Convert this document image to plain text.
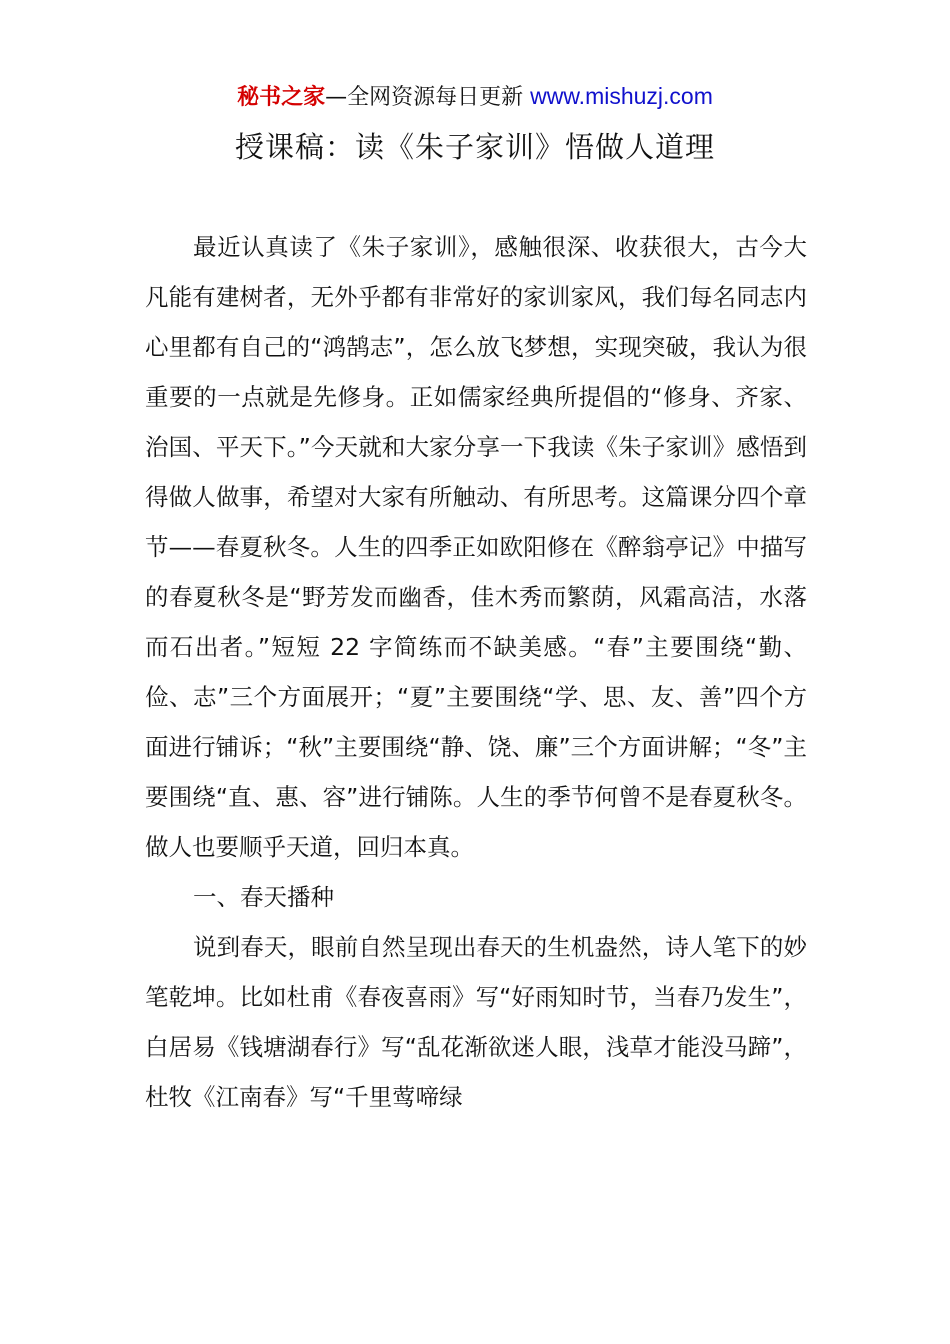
秘书之家—全网资源每日更新 www.mishuzj.com
授课稿：读《朱子家训》悟做人道理

最近认真读了《朱子家训》，感触很深、收获很大，古今大凡能有建树者，无外乎都有非常好的家训家风，我们每名同志内心里都有自己的“鸿鹄志”，怎么放飞梦想，实现突破，我认为很重要的一点就是先修身。正如儒家经典所提倡的“修身、齐家、治国、平天下。”今天就和大家分享一下我读《朱子家训》感悟到得做人做事，希望对大家有所触动、有所思考。这篇课分四个章节——春夏秋冬。人生的四季正如欧阳修在《醉翁亭记》中描写的春夏秋冬是“野芳发而幽香，佳木秀而繁荫，风霜高洁，水落而石出者。”短短 22 字简练而不缺美感。“春”主要围绕“勤、俭、志”三个方面展开；“夏”主要围绕“学、思、友、善”四个方面进行铺诉；“秋”主要围绕“静、饶、廉”三个方面讲解；“冬”主要围绕“直、惠、容”进行铺陈。人生的季节何曾不是春夏秋冬。做人也要顺乎天道，回归本真。

一、春天播种

说到春天，眼前自然呈现出春天的生机盎然，诗人笔下的妙笔乾坤。比如杜甫《春夜喜雨》写“好雨知时节，当春乃发生”，白居易《钱塘湖春行》写“乱花渐欲迷人眼，浅草才能没马蹄”，杜牧《江南春》写“千里莺啼绿
